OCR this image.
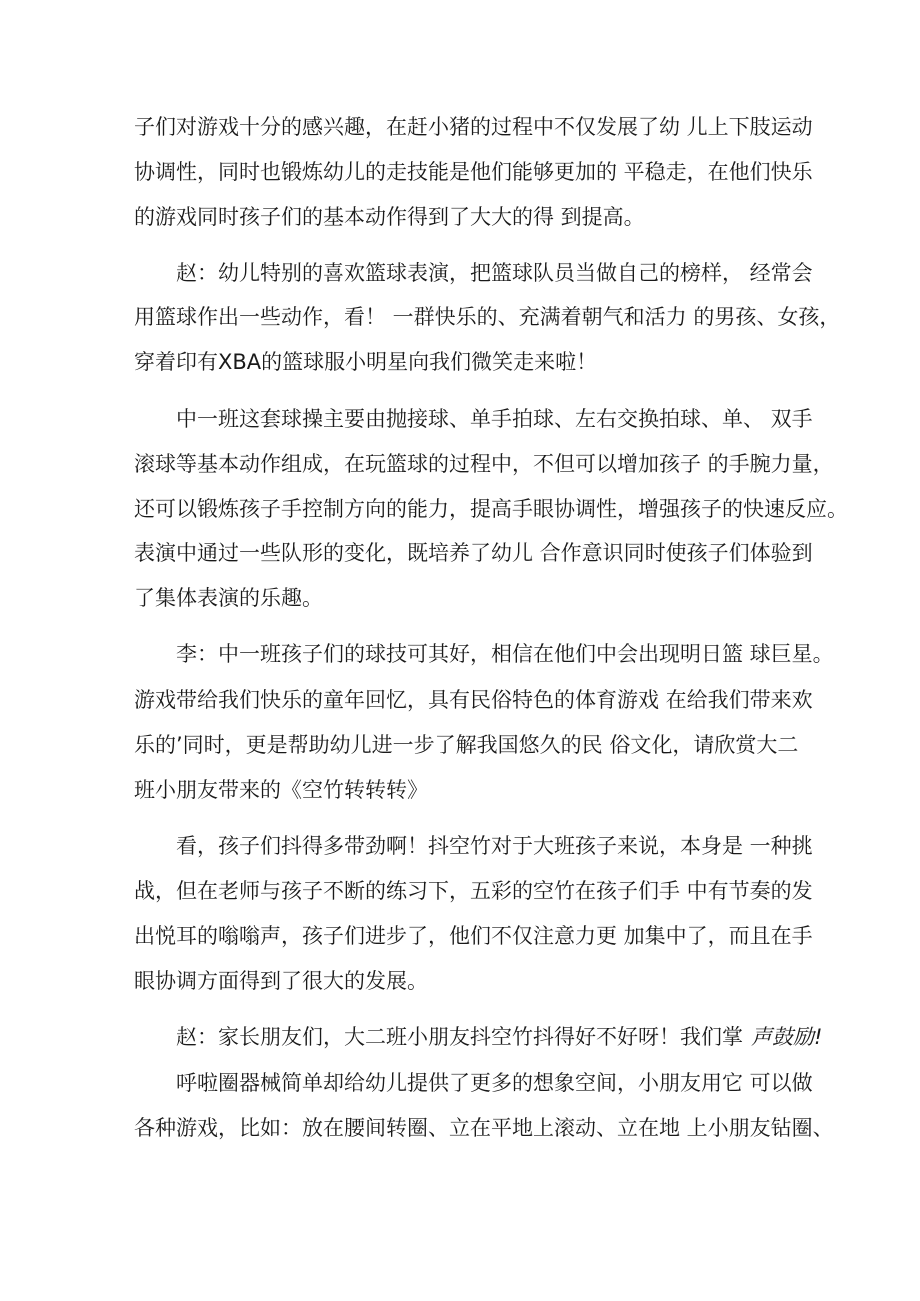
子们对游戏十分的感兴趣，在赶小猪的过程中不仅发展了幼 儿上下肢运动
协调性，同时也锻炼幼儿的走技能是他们能够更加的 平稳走，在他们快乐
的游戏同时孩子们的基本动作得到了大大的得 到提高。
赵：幼儿特别的喜欢篮球表演，把篮球队员当做自己的榜样， 经常会
用篮球作出一些动作，看！ 一群快乐的、充满着朝气和活力 的男孩、女孩，
穿着印有XBA的篮球服小明星向我们微笑走来啦！
中一班这套球操主要由抛接球、单手拍球、左右交换拍球、单、 双手
滚球等基本动作组成，在玩篮球的过程中，不但可以增加孩子 的手腕力量，
还可以锻炼孩子手控制方向的能力，提高手眼协调性，增强孩子的快速反应。
表演中通过一些队形的变化，既培养了幼儿 合作意识同时使孩子们体验到
了集体表演的乐趣。
李：中一班孩子们的球技可其好，相信在他们中会出现明日篮 球巨星。
游戏带给我们快乐的童年回忆，具有民俗特色的体育游戏 在给我们带来欢
乐的’同时，更是帮助幼儿进一步了解我国悠久的民 俗文化，请欣赏大二
班小朋友带来的《空竹转转转》
看，孩子们抖得多带劲啊！抖空竹对于大班孩子来说，本身是 一种挑
战，但在老师与孩子不断的练习下，五彩的空竹在孩子们手 中有节奏的发
出悦耳的嗡嗡声，孩子们进步了，他们不仅注意力更 加集中了，而且在手
眼协调方面得到了很大的发展。
赵：家长朋友们，大二班小朋友抖空竹抖得好不好呀！我们掌 声鼓励!
呼啦圈器械简单却给幼儿提供了更多的想象空间，小朋友用它 可以做
各种游戏，比如：放在腰间转圈、立在平地上滚动、立在地 上小朋友钻圈、
